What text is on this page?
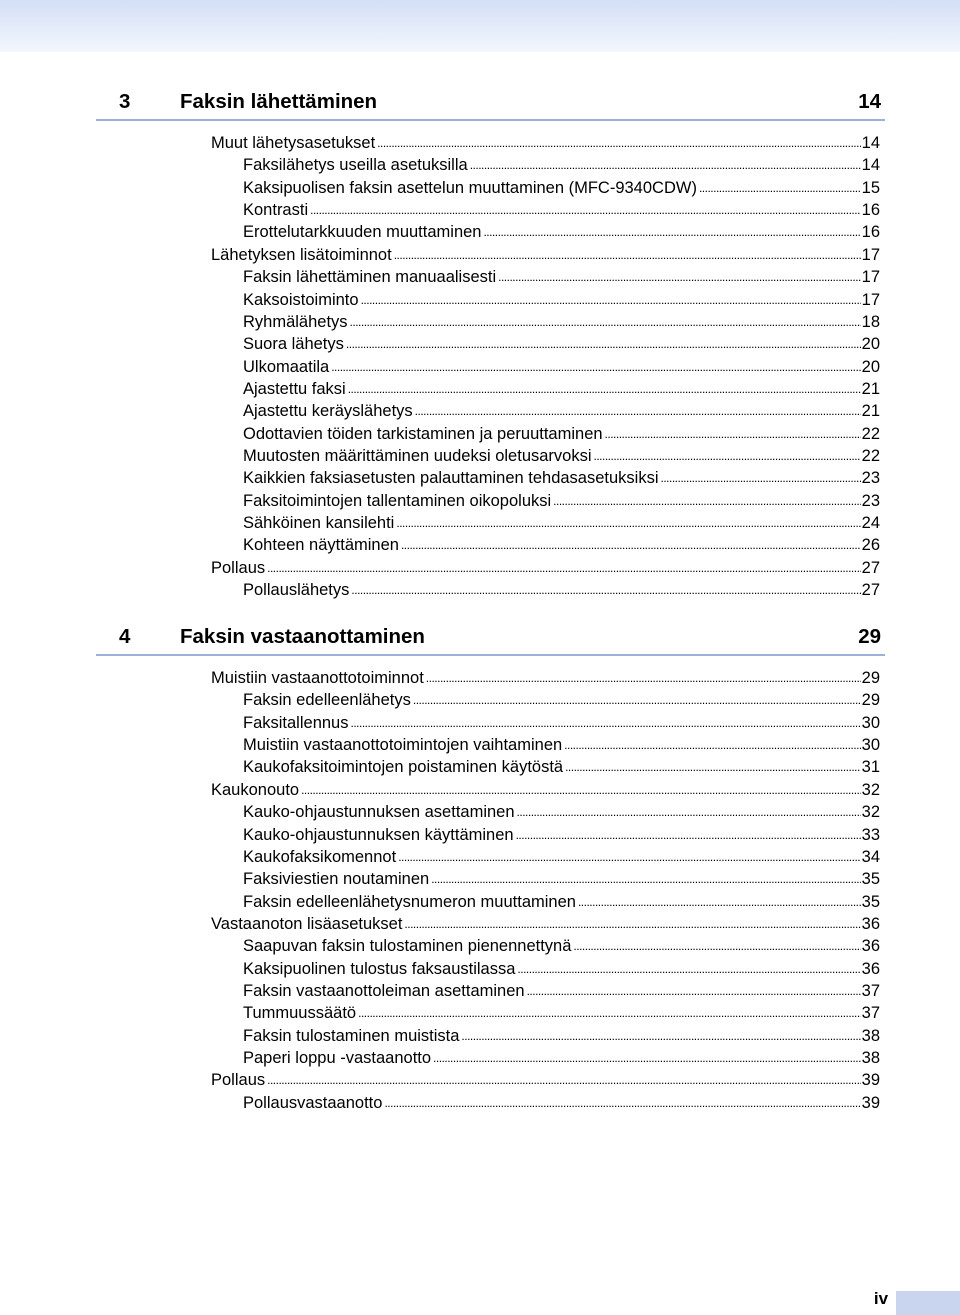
3 Faksin lähettäminen	14
Muut lähetysasetukset .....	14
Faksilähetys useilla asetuksilla .....	14
Kaksipuolisen faksin asettelun muuttaminen (MFC-9340CDW) .....	15
Kontrasti .....	16
Erottelutarkkuuden muuttaminen .....	16
Lähetyksen lisätoiminnot .....	17
Faksin lähettäminen manuaalisesti .....	17
Kaksoistoiminto .....	17
Ryhmälähetys .....	18
Suora lähetys .....	20
Ulkomaatila .....	20
Ajastettu faksi .....	21
Ajastettu keräyslähetys .....	21
Odottavien töiden tarkistaminen ja peruuttaminen .....	22
Muutosten määrittäminen uudeksi oletusarvoksi .....	22
Kaikkien faksiasetusten palauttaminen tehdasasetuksiksi .....	23
Faksitoimintojen tallentaminen oikopoluksi .....	23
Sähköinen kansilehti .....	24
Kohteen näyttäminen .....	26
Pollaus .....	27
Pollauslähetys .....	27
4 Faksin vastaanottaminen	29
Muistiin vastaanottotoiminnot .....	29
Faksin edelleenlähetys .....	29
Faksitallennus .....	30
Muistiin vastaanottotoimintojen vaihtaminen .....	30
Kaukofaksitoimintojen poistaminen käytöstä .....	31
Kaukonouto .....	32
Kauko-ohjaustunnuksen asettaminen .....	32
Kauko-ohjaustunnuksen käyttäminen .....	33
Kaukofaksikomennot .....	34
Faksiviestien noutaminen .....	35
Faksin edelleenlähetysnumeron muuttaminen .....	35
Vastaanoton lisäasetukset .....	36
Saapuvan faksin tulostaminen pienennettynä .....	36
Kaksipuolinen tulostus faksaustilassa .....	36
Faksin vastaanottoleiman asettaminen .....	37
Tummuussäätö .....	37
Faksin tulostaminen muistista .....	38
Paperi loppu -vastaanotto .....	38
Pollaus .....	39
Pollausvastaanotto .....	39
iv
